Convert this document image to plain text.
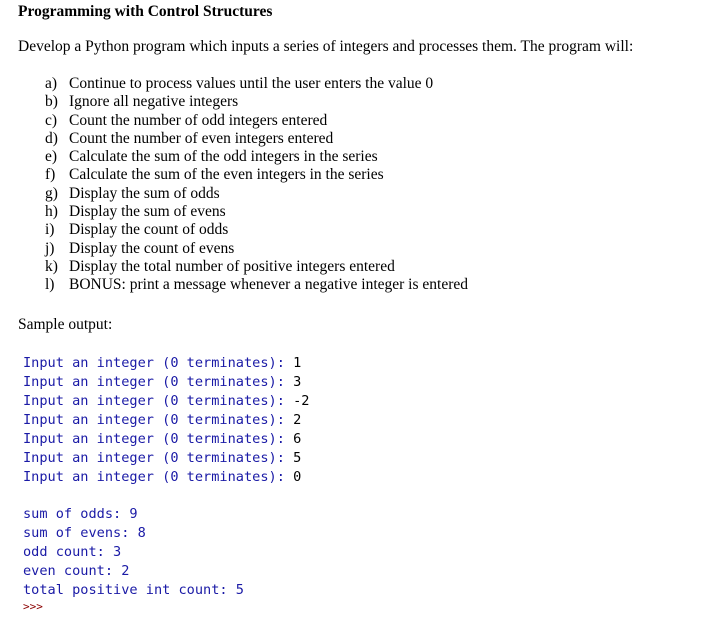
Programming with Control Structures
Develop a Python program which inputs a series of integers and processes them. The program will:
a) Continue to process values until the user enters the value 0
b) Ignore all negative integers
c) Count the number of odd integers entered
d) Count the number of even integers entered
e) Calculate the sum of the odd integers in the series
f) Calculate the sum of the even integers in the series
g) Display the sum of odds
h) Display the sum of evens
i) Display the count of odds
j) Display the count of evens
k) Display the total number of positive integers entered
l) BONUS: print a message whenever a negative integer is entered
Sample output:
Input an integer (0 terminates): 1
Input an integer (0 terminates): 3
Input an integer (0 terminates): -2
Input an integer (0 terminates): 2
Input an integer (0 terminates): 6
Input an integer (0 terminates): 5
Input an integer (0 terminates): 0
sum of odds: 9
sum of evens: 8
odd count: 3
even count: 2
total positive int count: 5
>>>
